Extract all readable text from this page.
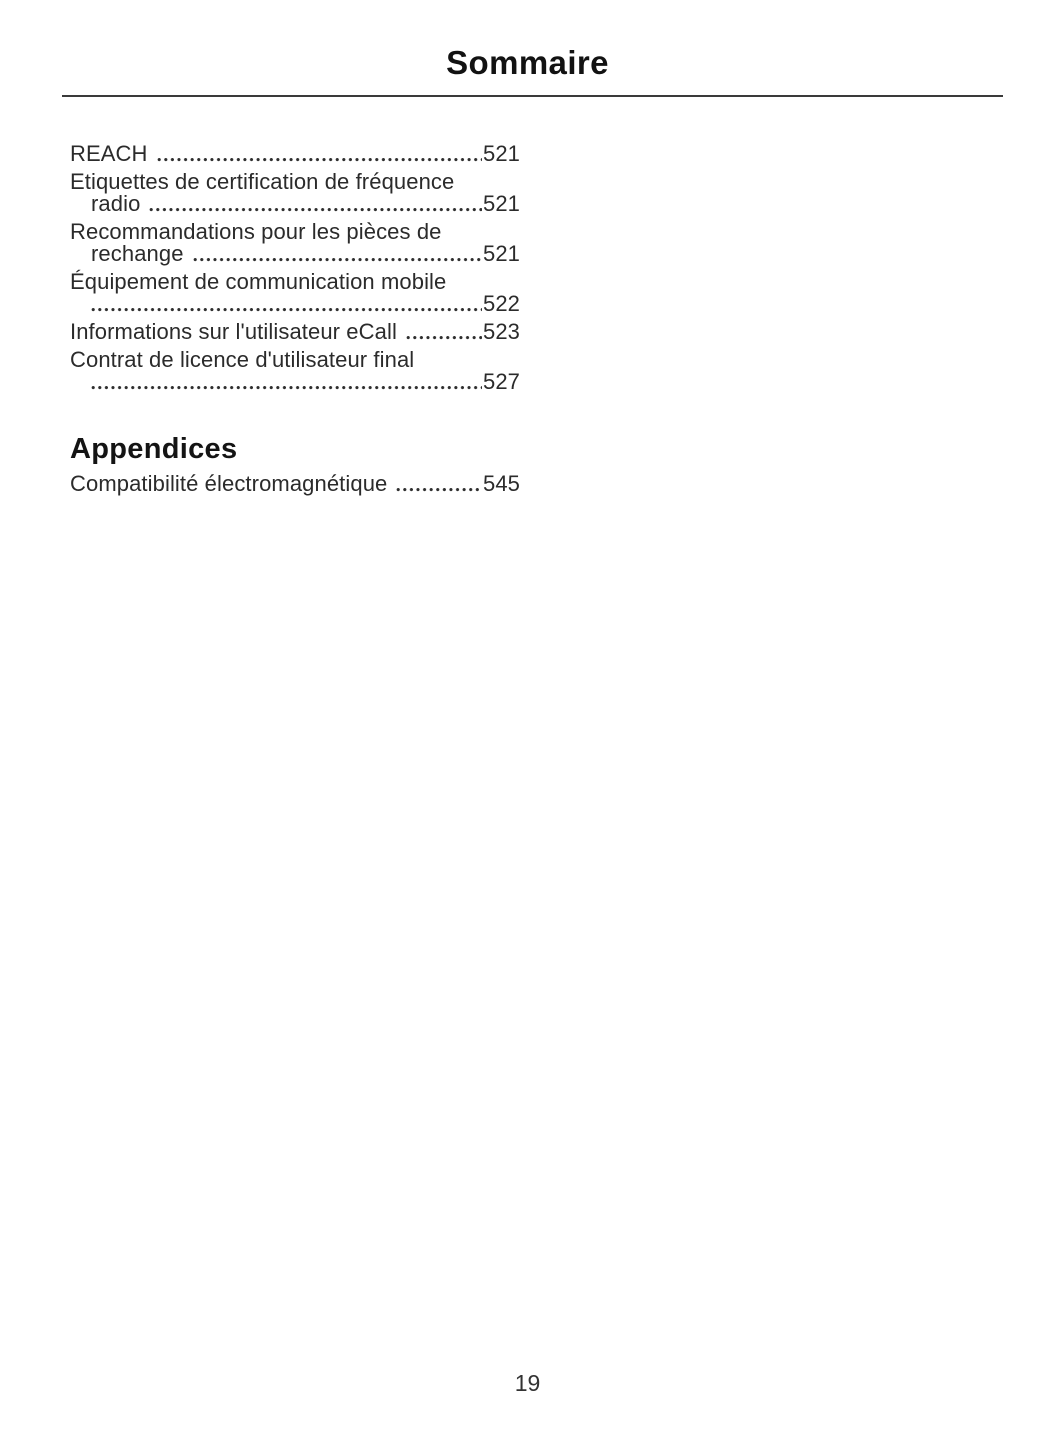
Sommaire
REACH	521
Etiquettes de certification de fréquence
radio	521
Recommandations pour les pièces de
rechange	521
Équipement de communication mobile
522
Informations sur l'utilisateur eCall	523
Contrat de licence d'utilisateur final
527
Appendices
Compatibilité électromagnétique	545
19
